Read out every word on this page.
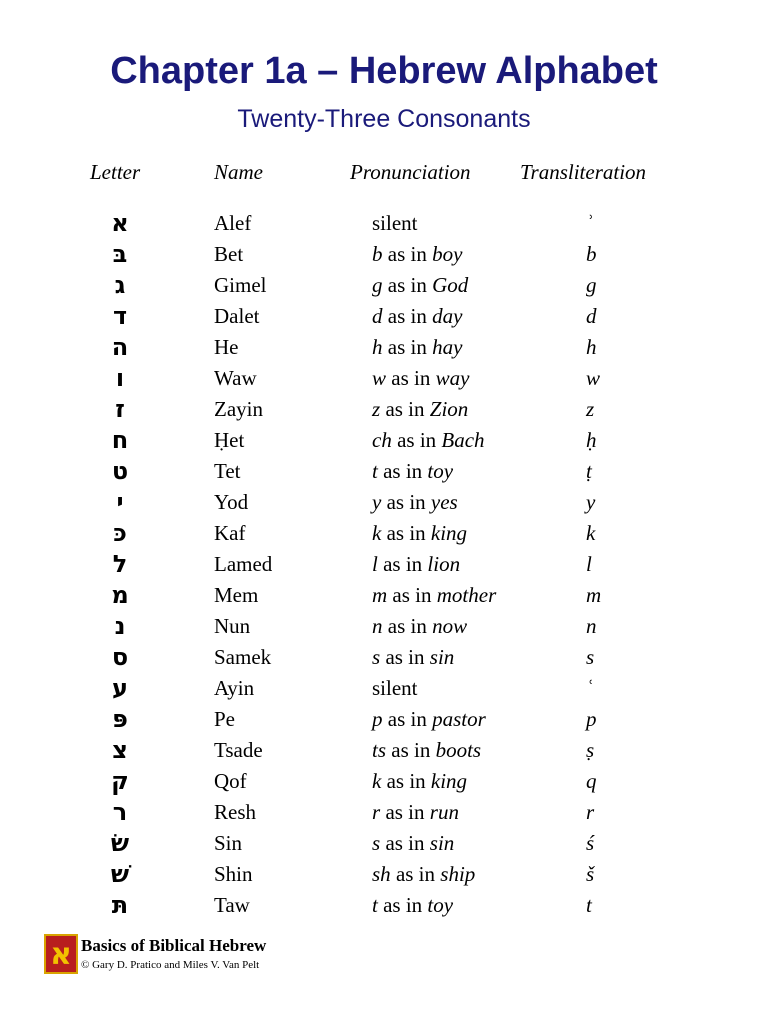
Chapter 1a – Hebrew Alphabet
Twenty-Three Consonants
Letter	Name	Pronunciation Transliteration
א	Alef	silent	ʾ
בּ	Bet	b as in boy	b
ג	Gimel	g as in God	g
ד	Dalet	d as in day	d
ה	He	h as in hay	h
ו	Waw	w as in way	w
ז	Zayin	z as in Zion	z
ח	Ḥet	ch as in Bach	ḥ
ט	Tet	t as in toy	ṭ
י	Yod	y as in yes	y
כּ	Kaf	k as in king	k
ל	Lamed	l as in lion	l
מ	Mem	m as in mother	m
נ	Nun	n as in now	n
ס	Samek	s as in sin	s
ע	Ayin	silent	ʿ
פּ	Pe	p as in pastor	p
צ	Tsade	ts as in boots	ṣ
ק	Qof	k as in king	q
ר	Resh	r as in run	r
שׂ	Sin	s as in sin	ś
שׁ	Shin	sh as in ship	š
תּ	Taw	t as in toy	t
א Basics of Biblical Hebrew
© Gary D. Pratico and Miles V. Van Pelt
